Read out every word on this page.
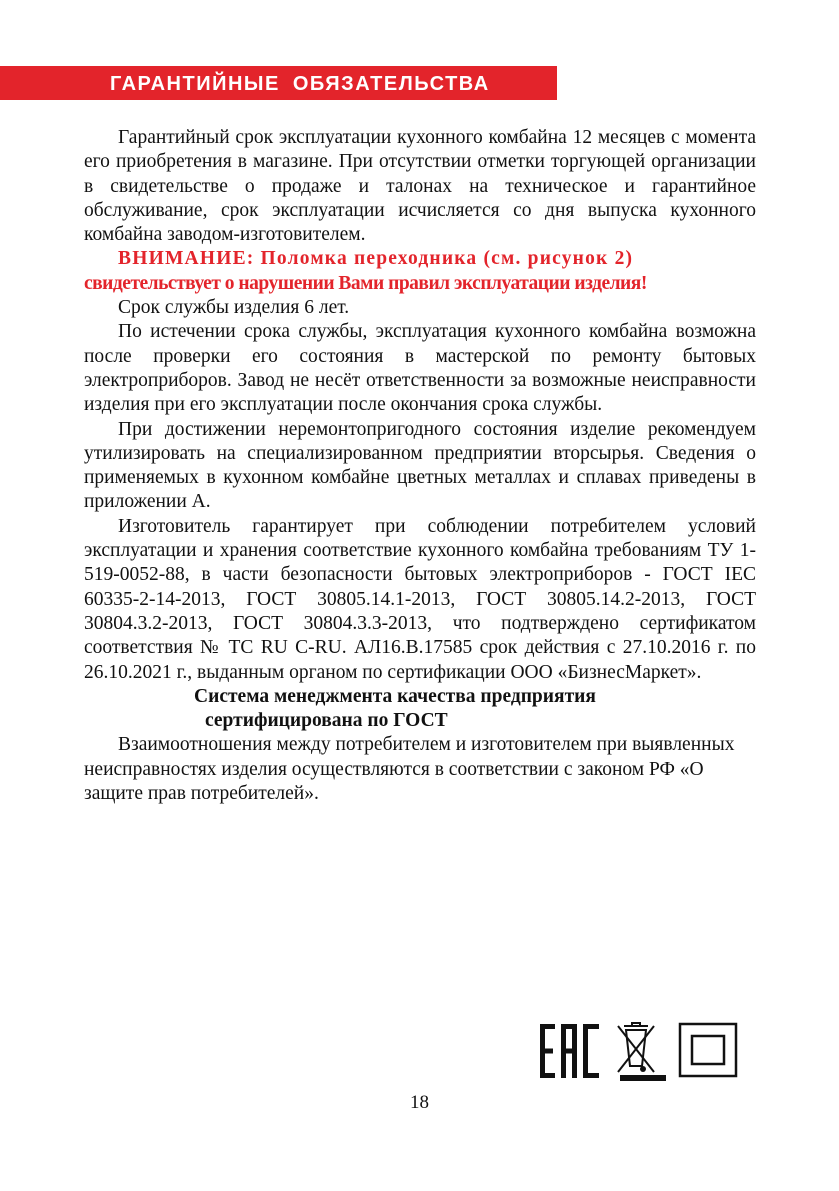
ГАРАНТИЙНЫЕ ОБЯЗАТЕЛЬСТВА

Гарантийный срок эксплуатации кухонного комбайна 12 месяцев с момента его приобретения в магазине. При отсутствии отметки торгующей организации в свидетельстве о продаже и талонах на техническое и гарантийное обслуживание, срок эксплуатации исчисляется со дня выпуска кухонного комбайна заводом-изготовителем.

ВНИМАНИЕ: Поломка переходника (см. рисунок 2)

свидетельствует о нарушении Вами правил эксплуатации изделия!

Срок службы изделия 6 лет.

По истечении срока службы, эксплуатация кухонного комбайна возможна после проверки его состояния в мастерской по ремонту бытовых электроприборов. Завод не несёт ответственности за возможные неисправности изделия при его эксплуатации после окончания срока службы.

При достижении неремонтопригодного состояния изделие рекомендуем утилизировать на специализированном предприятии вторсырья. Сведения о применяемых в кухонном комбайне цветных металлах и сплавах приведены в приложении А.

Изготовитель гарантирует при соблюдении потребителем условий эксплуатации и хранения соответствие кухонного комбайна требованиям ТУ 1-519-0052-88, в части безопасности бытовых электроприборов - ГОСТ IEC 60335-2-14-2013, ГОСТ 30805.14.1-2013, ГОСТ 30805.14.2-2013, ГОСТ 30804.3.2-2013, ГОСТ 30804.3.3-2013, что подтверждено сертификатом соответствия № ТС RU C-RU. АЛ16.В.17585 срок действия с 27.10.2016 г. по 26.10.2021 г., выданным органом по сертификации ООО «БизнесМаркет».

Система менеджмента качества предприятия

сертифицирована по ГОСТ

Взаимоотношения между потребителем и изготовителем при выявленных неисправностях изделия осуществляются в соответствии с законом РФ «О защите прав потребителей».

18
